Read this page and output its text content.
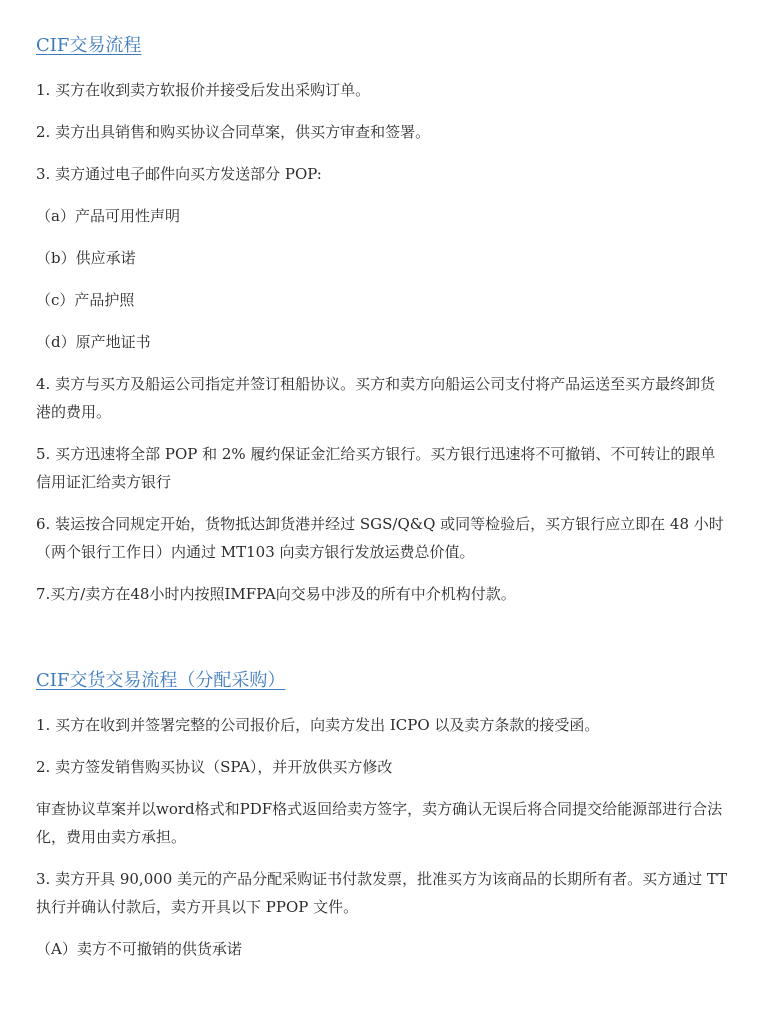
CIF交易流程

1. 买方在收到卖方软报价并接受后发出采购订单。

2. 卖方出具销售和购买协议合同草案，供买方审查和签署。

3. 卖方通过电子邮件向买方发送部分 POP:

（a）产品可用性声明

（b）供应承诺

（c）产品护照

（d）原产地证书

4. 卖方与买方及船运公司指定并签订租船协议。买方和卖方向船运公司支付将产品运送至买方最终卸货港的费用。

5. 买方迅速将全部 POP 和 2% 履约保证金汇给买方银行。买方银行迅速将不可撤销、不可转让的跟单信用证汇给卖方银行

6. 装运按合同规定开始，货物抵达卸货港并经过 SGS/Q&Q 或同等检验后，买方银行应立即在 48 小时（两个银行工作日）内通过 MT103 向卖方银行发放运费总价值。

7.买方/卖方在48小时内按照IMFPA向交易中涉及的所有中介机构付款。

CIF交货交易流程（分配采购）

1. 买方在收到并签署完整的公司报价后，向卖方发出 ICPO 以及卖方条款的接受函。

2. 卖方签发销售购买协议（SPA），并开放供买方修改

审查协议草案并以word格式和PDF格式返回给卖方签字，卖方确认无误后将合同提交给能源部进行合法化，费用由卖方承担。

3. 卖方开具 90,000 美元的产品分配采购证书付款发票，批准买方为该商品的长期所有者。买方通过 TT 执行并确认付款后，卖方开具以下 PPOP 文件。

（A）卖方不可撤销的供货承诺
